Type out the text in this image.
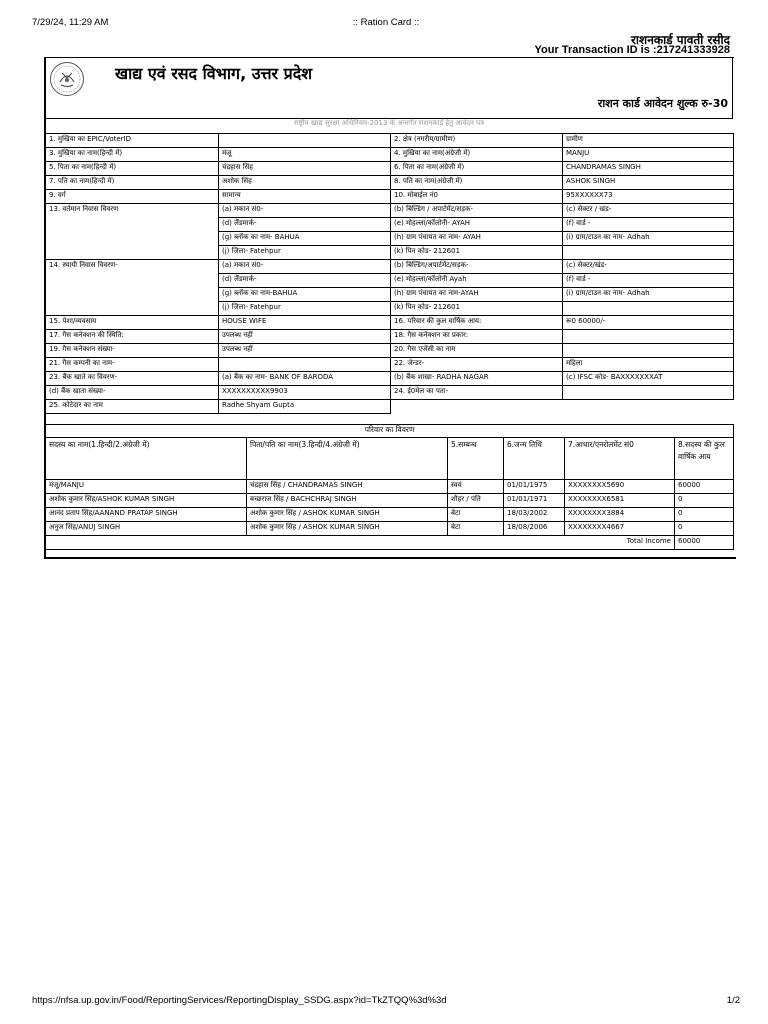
7/29/24, 11:29 AM	:: Ration Card ::
राशनकार्ड पावती रसीद
Your Transaction ID is :217241333928
खाद्य एवं रसद विभाग, उत्तर प्रदेश
राशन कार्ड आवेदन शुल्क रु-30
राष्ट्रीय खाद्य सुरक्षा अधिनियम-2013 के अन्तर्गत राशनकार्ड हेतु आवेदन पत्र
1. मुखिया का EPIC/VoterID		2. क्षेत्र (नगरीय/ग्रामीण)	ग्रामीण
3. मुखिया का नाम(हिन्दी में)	मंजू	4. मुखिया का नाम(अंग्रेजी में)	MANJU
5. पिता का नाम(हिन्दी में)	चंद्रहास सिंह	6. पिता का नाम(अंग्रेजी में)	CHANDRAMAS SINGH
7. पति का नाम(हिन्दी में)	अशोक सिंह	8. पति का नाम(अंग्रेजी में)	ASHOK SINGH
9. वर्ग	सामान्य	10. मोबाईल नं0	95XXXXXX73
13. वर्तमान निवास विवरण	(a) मकान सं0-	(b) बिल्डिंग / अपार्टमेंट/सड़क-	(c) सेक्टर / खंड-
	(d) लैंडमार्क-	(e) मोहल्ला/कॉलोनी- AYAH	(f) वार्ड -
	(g) ब्लॉक का नाम- BAHUA	(h) ग्राम पंचायत का नाम- AYAH	(i) ग्राम/टाउन का नाम- Adhah
	(j) जिला- Fatehpur	(k) पिन कोड- 212601	
14. स्थायी निवास विवरण-	(a) मकान सं0-	(b) बिल्डिंग/अपार्टमेंट/सड़क-	(c) सेक्टर/खंड-
	(d) लैंडमार्क-	(e) मोहल्ला/कॉलोनी Ayah	(f) वार्ड -
	(g) ब्लॉक का नाम-BAHUA	(h) ग्राम पंचायत का नाम-AYAH	(i) ग्राम/टाउन का नाम- Adhah
	(j) जिला- Fatehpur	(k) पिन कोड- 212601	
15. पेशा/व्यवसाय	HOUSE WIFE	16. परिवार की कुल वार्षिक आय:	रू0 60000/-
17. गैस कनेक्शन की स्थिति:	उपलब्ध नहीं	18. गैस कनेक्शन का प्रकार:	
19. गैस कनेक्शन संख्या-	उपलब्ध नहीं	20. गैस एजेंसी का नाम	
21. गैस कम्पनी का नाम-		22. जेन्डर-	महिला
23. बैंक खाते का विवरण-	(a) बैंक का नाम- BANK OF BARODA	(b) बैंक शाखा- RADHA NAGAR	(c) IFSC कोड- BAXXXXXXXAT
(d) बैंक खाता संख्या-	XXXXXXXXXX9903	24. ई0मेल का पता-	
25. कोटेदार का नाम	Radhe Shyam Gupta		
परिवार का विवरण					
सदस्य का नाम(1.हिन्दी/2.अंग्रेजी में)	पिता/पति का नाम(3.हिन्दी/4.अंग्रेजी में)	5.सम्बन्ध	6.जन्म तिथि	7.आधार/एनरोलमेंट सं0	8.सदस्य की कुल वार्षिक आय
मंजू/MANJU	चंद्रहास सिंह / CHANDRAMAS SINGH	स्वयं	01/01/1975	XXXXXXXX5690	60000
अशोक कुमार सिंह/ASHOK KUMAR SINGH	बच्छराज सिंह / BACHCHRAJ SINGH	शौहर / पति	01/01/1971	XXXXXXXX6581	0
आनंद प्रताप सिंह/AANAND PRATAP SINGH	अशोक कुमार सिंह / ASHOK KUMAR SINGH	बेटा	18/03/2002	XXXXXXXX3884	0
अनुज सिंह/ANUJ SINGH	अशोक कुमार सिंह / ASHOK KUMAR SINGH	बेटा	18/08/2006	XXXXXXXX4667	0
Total Income					60000
https://nfsa.up.gov.in/Food/ReportingServices/ReportingDisplay_SSDG.aspx?id=TkZTQQ%3d%3d	1/2
